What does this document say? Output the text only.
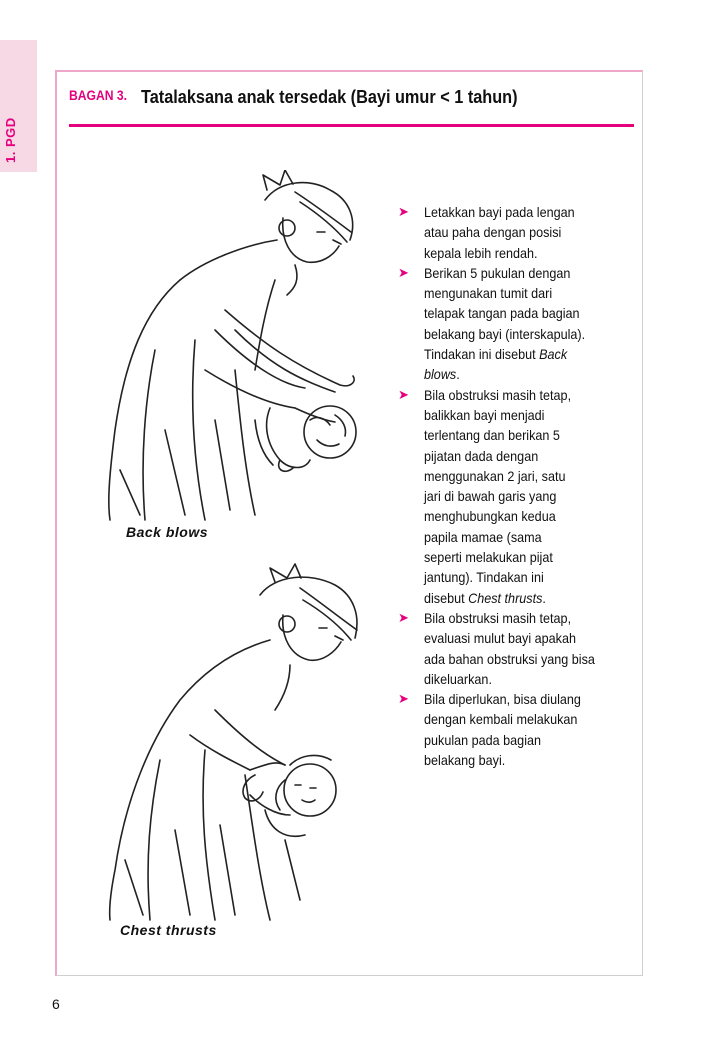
1. PGD
BAGAN 3. Tatalaksana anak tersedak (Bayi umur < 1 tahun)
Back blows
Chest thrusts
➤ Letakkan bayi pada lengan
atau paha dengan posisi
kepala lebih rendah.
➤ Berikan 5 pukulan dengan
mengunakan tumit dari
telapak tangan pada bagian
belakang bayi (interskapula).
Tindakan ini disebut Back
blows.
➤ Bila obstruksi masih tetap,
balikkan bayi menjadi
terlentang dan berikan 5
pijatan dada dengan
menggunakan 2 jari, satu
jari di bawah garis yang
menghubungkan kedua
papila mamae (sama
seperti melakukan pijat
jantung). Tindakan ini
disebut Chest thrusts.
➤ Bila obstruksi masih tetap,
evaluasi mulut bayi apakah
ada bahan obstruksi yang bisa
dikeluarkan.
➤ Bila diperlukan, bisa diulang
dengan kembali melakukan
pukulan pada bagian
belakang bayi.
6
